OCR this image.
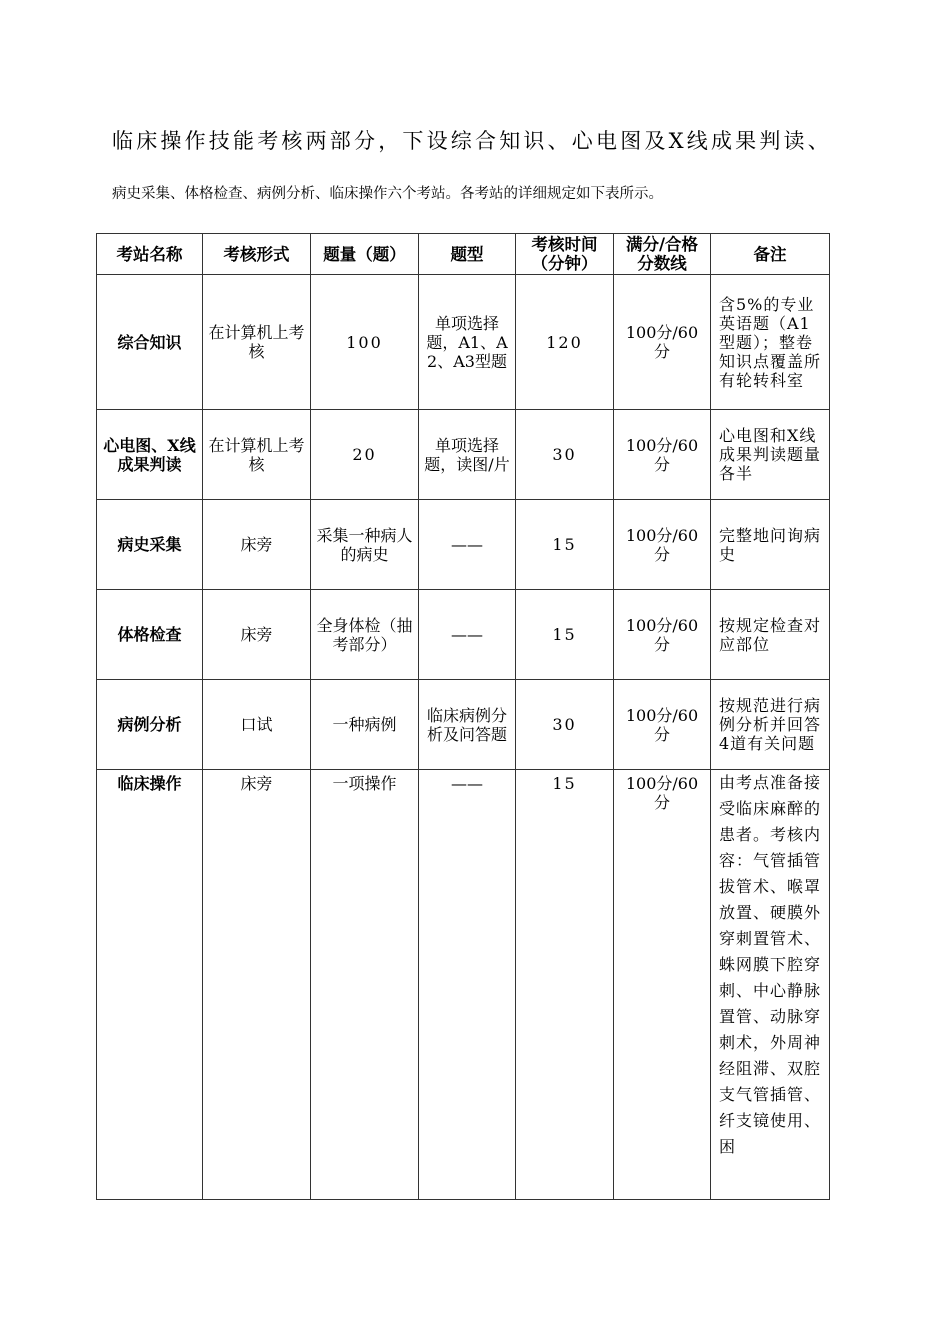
临床操作技能考核两部分，下设综合知识、心电图及X线成果判读、
病史采集、体格检查、病例分析、临床操作六个考站。各考站的详细规定如下表所示。
考站名称	考核形式	题量（题）	题型	考核时间（分钟）	满分/合格分数线	备注
综合知识	在计算机上考核	100	单项选择题，A1、A2、A3型题	120	100分/60分	含5%的专业英语题（A1型题）；整卷知识点覆盖所有轮转科室
心电图、X线成果判读	在计算机上考核	20	单项选择题，读图/片	30	100分/60分	心电图和X线成果判读题量各半
病史采集	床旁	采集一种病人的病史	——	15	100分/60分	完整地问询病史
体格检查	床旁	全身体检（抽考部分）	——	15	100分/60分	按规定检查对应部位
病例分析	口试	一种病例	临床病例分析及问答题	30	100分/60分	按规范进行病例分析并回答4道有关问题
临床操作	床旁	一项操作	——	15	100分/60分	由考点准备接受临床麻醉的患者。考核内容：气管插管拔管术、喉罩放置、硬膜外穿刺置管术、蛛网膜下腔穿刺、中心静脉置管、动脉穿刺术，外周神经阻滞、双腔支气管插管、纤支镜使用、困
